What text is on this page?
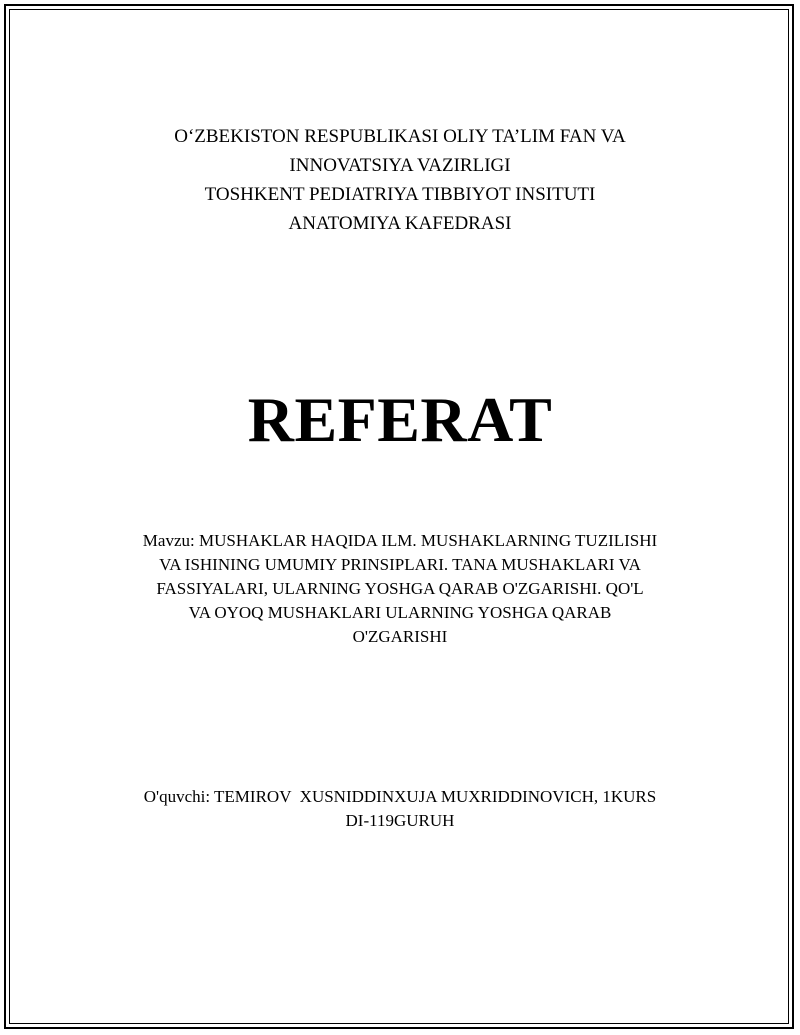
O‘ZBEKISTON RESPUBLIKASI OLIY TA’LIM FAN VA
INNOVATSIYA VAZIRLIGI
TOSHKENT PEDIATRIYA TIBBIYOT INSITUTI
ANATOMIYA KAFEDRASI
REFERAT
Mavzu: MUSHAKLAR HAQIDA ILM. MUSHAKLARNING TUZILISHI
VA ISHINING UMUMIY PRINSIPLARI. TANA MUSHAKLARI VA
FASSIYALARI, ULARNING YOSHGA QARAB O'ZGARISHI. QO'L
VA OYOQ MUSHAKLARI ULARNING YOSHGA QARAB
O'ZGARISHI
O'quvchi: TEMIROV  XUSNIDDINXUJA MUXRIDDINOVICH, 1KURS
DI-119GURUH
